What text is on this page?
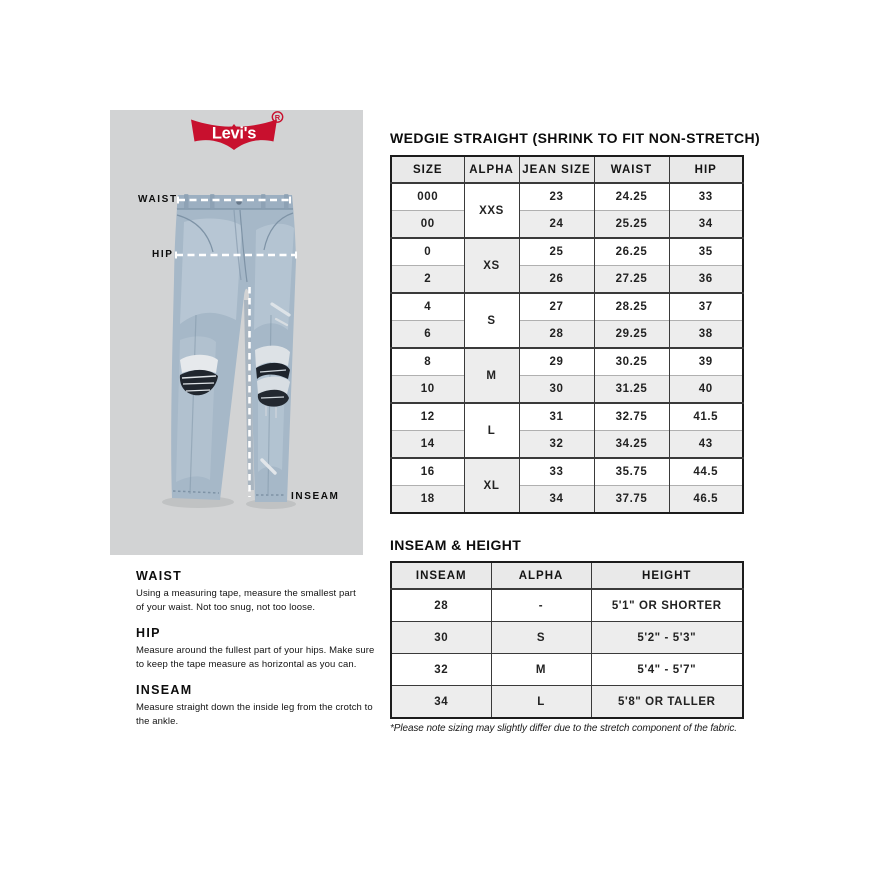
Levi's
R
WAIST
HIP
INSEAM
WAIST
Using a measuring tape, measure the smallest part
of your waist. Not too snug, not too loose.
HIP
Measure around the fullest part of your hips. Make sure
to keep the tape measure as horizontal as you can.
INSEAM
Measure straight down the inside leg from the crotch to
the ankle.
WEDGIE STRAIGHT (SHRINK TO FIT NON-STRETCH)
SIZE	ALPHA	JEAN SIZE	WAIST	HIP
000	XXS	23	24.25	33
00		24	25.25	34
0	XS	25	26.25	35
2		26	27.25	36
4	S	27	28.25	37
6		28	29.25	38
8	M	29	30.25	39
10		30	31.25	40
12	L	31	32.75	41.5
14		32	34.25	43
16	XL	33	35.75	44.5
18		34	37.75	46.5
INSEAM & HEIGHT
INSEAM	ALPHA	HEIGHT
28	-	5'1" OR SHORTER
30	S	5'2" - 5'3"
32	M	5'4" - 5'7"
34	L	5'8" OR TALLER
*Please note sizing may slightly differ due to the stretch component of the fabric.
